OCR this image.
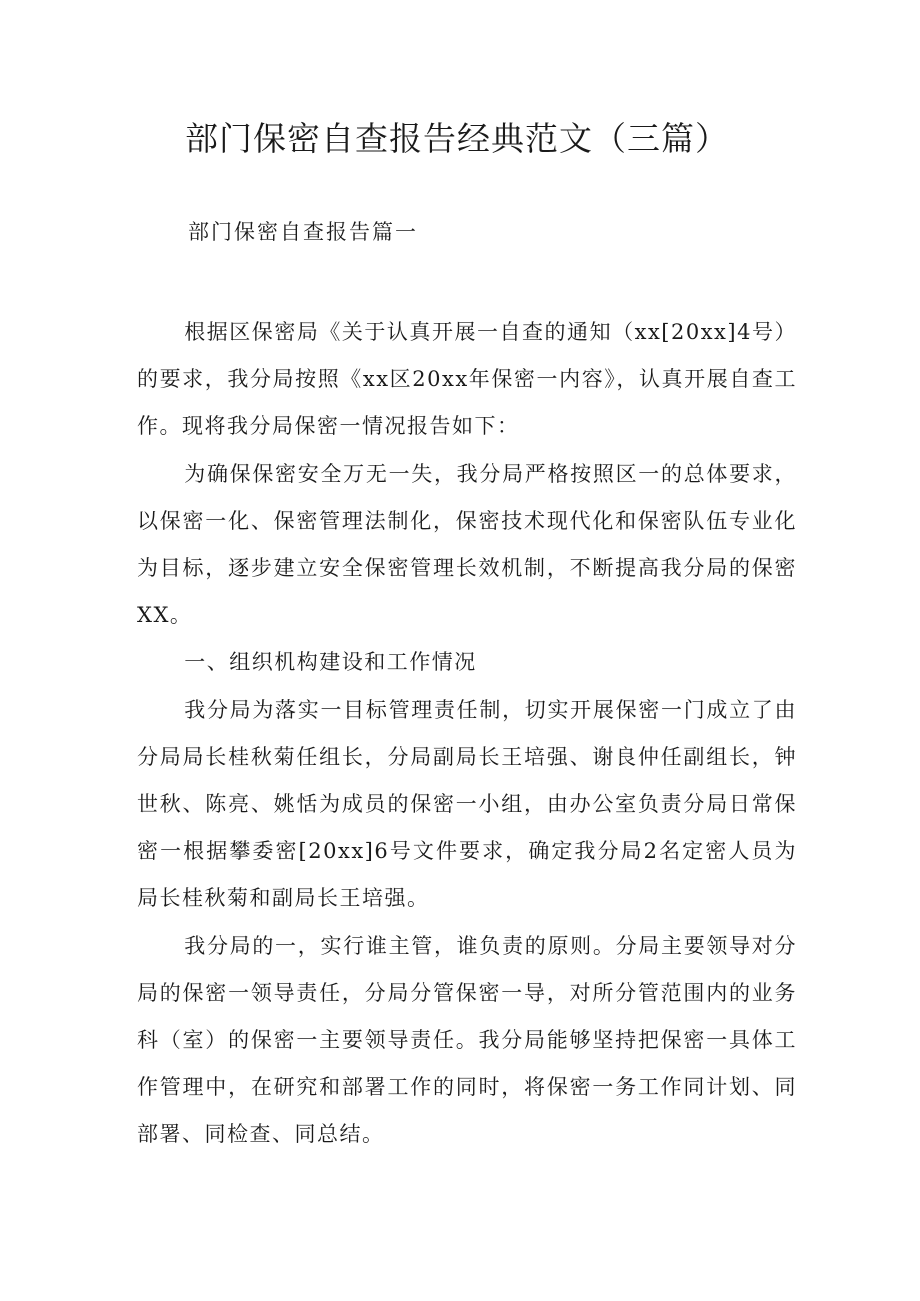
部门保密自查报告经典范文（三篇）
部门保密自查报告篇一

根据区保密局《关于认真开展一自查的通知（xx[20xx]4号）的要求，我分局按照《xx区20xx年保密一内容》，认真开展自查工作。现将我分局保密一情况报告如下：

为确保保密安全万无一失，我分局严格按照区一的总体要求，以保密一化、保密管理法制化，保密技术现代化和保密队伍专业化为目标，逐步建立安全保密管理长效机制，不断提高我分局的保密XX。

一、组织机构建设和工作情况

我分局为落实一目标管理责任制，切实开展保密一门成立了由分局局长桂秋菊任组长，分局副局长王培强、谢良仲任副组长，钟世秋、陈亮、姚恬为成员的保密一小组，由办公室负责分局日常保密一根据攀委密[20xx]6号文件要求，确定我分局2名定密人员为局长桂秋菊和副局长王培强。

我分局的一，实行谁主管，谁负责的原则。分局主要领导对分局的保密一领导责任，分局分管保密一导，对所分管范围内的业务科（室）的保密一主要领导责任。我分局能够坚持把保密一具体工作管理中，在研究和部署工作的同时，将保密一务工作同计划、同部署、同检查、同总结。
